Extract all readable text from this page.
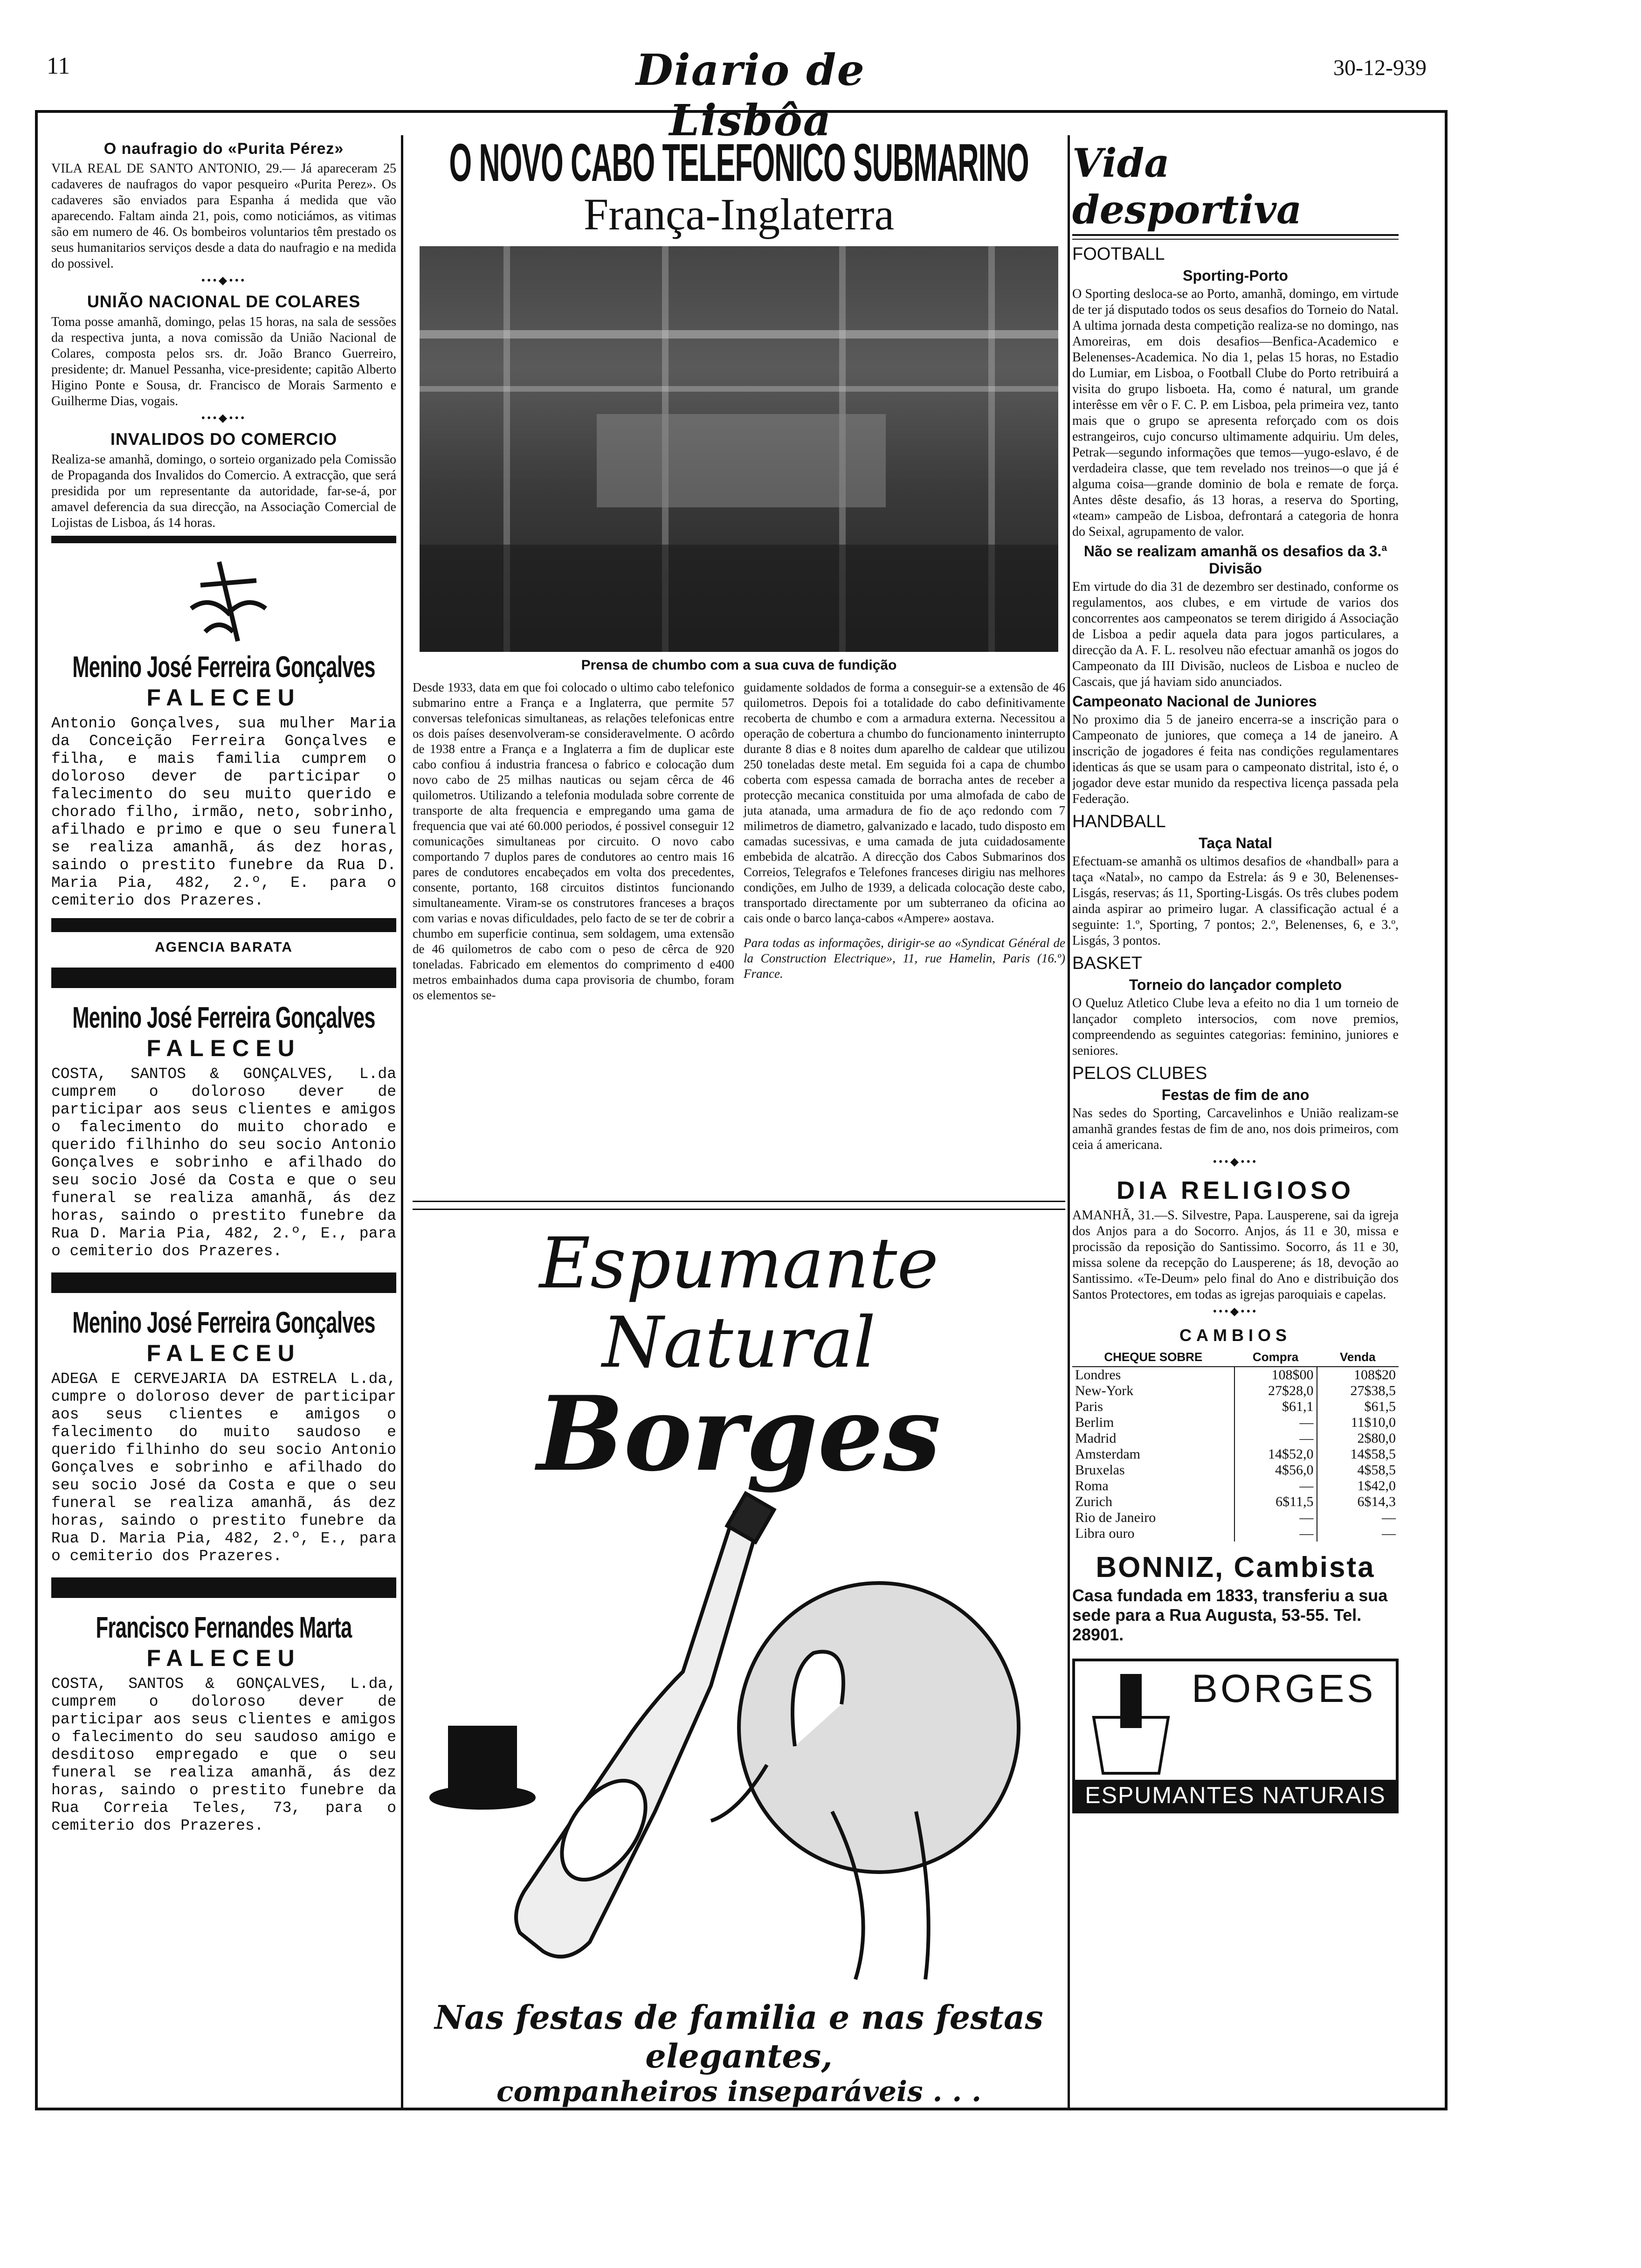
11	Diario de Lisbôa
30-12-939
O naufragio do «Purita Pérez»

VILA REAL DE SANTO ANTONIO, 29.— Já apareceram 25 cadaveres de naufragos do vapor pesqueiro «Purita Perez». Os cadaveres são enviados para Espanha á medida que vão aparecendo. Faltam ainda 21, pois, como noticiámos, as vitimas são em numero de 46. Os bombeiros voluntarios têm prestado os seus humanitarios serviços desde a data do naufragio e na medida do possivel.

•••◆•••
UNIÃO NACIONAL DE COLARES

Toma posse amanhã, domingo, pelas 15 horas, na sala de sessões da respectiva junta, a nova comissão da União Nacional de Colares, composta pelos srs. dr. João Branco Guerreiro, presidente; dr. Manuel Pessanha, vice-presidente; capitão Alberto Higino Ponte e Sousa, dr. Francisco de Morais Sarmento e Guilherme Dias, vogais.

•••◆•••
INVALIDOS DO COMERCIO

Realiza-se amanhã, domingo, o sorteio organizado pela Comissão de Propaganda dos Invalidos do Comercio. A extracção, que será presidida por um representante da autoridade, far-se-á, por amavel deferencia da sua direcção, na Associação Comercial de Lojistas de Lisboa, ás 14 horas.

Menino José Ferreira Gonçalves
FALECEU

Antonio Gonçalves, sua mulher Maria da Conceição Ferreira Gonçalves e filha, e mais familia cumprem o doloroso dever de participar o falecimento do seu muito querido e chorado filho, irmão, neto, sobrinho, afilhado e primo e que o seu funeral se realiza amanhã, ás dez horas, saindo o prestito funebre da Rua D. Maria Pia, 482, 2.º, E. para o cemiterio dos Prazeres.

AGENCIA BARATA
Menino José Ferreira Gonçalves
FALECEU

COSTA, SANTOS & GONÇALVES, L.da cumprem o doloroso dever de participar aos seus clientes e amigos o falecimento do muito chorado e querido filhinho do seu socio Antonio Gonçalves e sobrinho e afilhado do seu socio José da Costa e que o seu funeral se realiza amanhã, ás dez horas, saindo o prestito funebre da Rua D. Maria Pia, 482, 2.º, E., para o cemiterio dos Prazeres.

Menino José Ferreira Gonçalves
FALECEU

ADEGA E CERVEJARIA DA ESTRELA L.da, cumpre o doloroso dever de participar aos seus clientes e amigos o falecimento do muito saudoso e querido filhinho do seu socio Antonio Gonçalves e sobrinho e afilhado do seu socio José da Costa e que o seu funeral se realiza amanhã, ás dez horas, saindo o prestito funebre da Rua D. Maria Pia, 482, 2.º, E., para o cemiterio dos Prazeres.

Francisco Fernandes Marta
FALECEU

COSTA, SANTOS & GONÇALVES, L.da, cumprem o doloroso dever de participar aos seus clientes e amigos o falecimento do seu saudoso amigo e desditoso empregado e que o seu funeral se realiza amanhã, ás dez horas, saindo o prestito funebre da Rua Correia Teles, 73, para o cemiterio dos Prazeres.

O NOVO CABO TELEFONICO SUBMARINO
França-Inglaterra
Prensa de chumbo com a sua cuva de fundição

Desde 1933, data em que foi colocado o ultimo cabo telefonico submarino entre a França e a Inglaterra, que permite 57 conversas telefonicas simultaneas, as relações telefonicas entre os dois países desenvolveram-se consideravelmente. O acôrdo de 1938 entre a França e a Inglaterra a fim de duplicar este cabo confiou á industria francesa o fabrico e colocação dum novo cabo de 25 milhas nauticas ou sejam cêrca de 46 quilometros. Utilizando a telefonia modulada sobre corrente de transporte de alta frequencia e empregando uma gama de frequencia que vai até 60.000 periodos, é possivel conseguir 12 comunicações simultaneas por circuito. O novo cabo comportando 7 duplos pares de condutores ao centro mais 16 pares de condutores encabeçados em volta dos precedentes, consente, portanto, 168 circuitos distintos funcionando simultaneamente. Viram-se os construtores franceses a braços com varias e novas dificuldades, pelo facto de se ter de cobrir a chumbo em superficie continua, sem soldagem, uma extensão de 46 quilometros de cabo com o peso de cêrca de 920 toneladas. Fabricado em elementos do comprimento d e400 metros embainhados duma capa provisoria de chumbo, foram os elementos se-

guidamente soldados de forma a conseguir-se a extensão de 46 quilometros. Depois foi a totalidade do cabo definitivamente recoberta de chumbo e com a armadura externa. Necessitou a operação de cobertura a chumbo do funcionamento ininterrupto durante 8 dias e 8 noites dum aparelho de caldear que utilizou 250 toneladas deste metal. Em seguida foi a capa de chumbo coberta com espessa camada de borracha antes de receber a protecção mecanica constituida por uma almofada de cabo de juta atanada, uma armadura de fio de aço redondo com 7 milimetros de diametro, galvanizado e lacado, tudo disposto em camadas sucessivas, e uma camada de juta cuidadosamente embebida de alcatrão. A direcção dos Cabos Submarinos dos Correios, Telegrafos e Telefones franceses dirigiu nas melhores condições, em Julho de 1939, a delicada colocação deste cabo, transportado directamente por um subterraneo da oficina ao cais onde o barco lança-cabos «Ampere» aostava.

Para todas as informações, dirigir-se ao «Syndicat Général de la Construction Electrique», 11, rue Hamelin, Paris (16.º) France.

Espumante Natural

Borges

Nas festas de familia e nas festas elegantes,

companheiros inseparáveis . . .

Vida desportiva

FOOTBALL
Sporting-Porto

O Sporting desloca-se ao Porto, amanhã, domingo, em virtude de ter já disputado todos os seus desafios do Torneio do Natal. A ultima jornada desta competição realiza-se no domingo, nas Amoreiras, em dois desafios—Benfica-Academico e Belenenses-Academica. No dia 1, pelas 15 horas, no Estadio do Lumiar, em Lisboa, o Football Clube do Porto retribuirá a visita do grupo lisboeta. Ha, como é natural, um grande interêsse em vêr o F. C. P. em Lisboa, pela primeira vez, tanto mais que o grupo se apresenta reforçado com os dois estrangeiros, cujo concurso ultimamente adquiriu. Um deles, Petrak—segundo informações que temos—yugo-eslavo, é de verdadeira classe, que tem revelado nos treinos—o que já é alguma coisa—grande dominio de bola e remate de força. Antes dêste desafio, ás 13 horas, a reserva do Sporting, «team» campeão de Lisboa, defrontará a categoria de honra do Seixal, agrupamento de valor.

Não se realizam amanhã os desafios da 3.ª Divisão

Em virtude do dia 31 de dezembro ser destinado, conforme os regulamentos, aos clubes, e em virtude de varios dos concorrentes aos campeonatos se terem dirigido á Associação de Lisboa a pedir aquela data para jogos particulares, a direcção da A. F. L. resolveu não efectuar amanhã os jogos do Campeonato da III Divisão, nucleos de Lisboa e nucleo de Cascais, que já haviam sido anunciados.

Campeonato Nacional de Juniores

No proximo dia 5 de janeiro encerra-se a inscrição para o Campeonato de juniores, que começa a 14 de janeiro. A inscrição de jogadores é feita nas condições regulamentares identicas ás que se usam para o campeonato distrital, isto é, o jogador deve estar munido da respectiva licença passada pela Federação.

HANDBALL
Taça Natal

Efectuam-se amanhã os ultimos desafios de «handball» para a taça «Natal», no campo da Estrela: ás 9 e 30, Belenenses-Lisgás, reservas; ás 11, Sporting-Lisgás. Os três clubes podem ainda aspirar ao primeiro lugar. A classificação actual é a seguinte: 1.º, Sporting, 7 pontos; 2.º, Belenenses, 6, e 3.º, Lisgás, 3 pontos.

BASKET
Torneio do lançador completo

O Queluz Atletico Clube leva a efeito no dia 1 um torneio de lançador completo intersocios, com nove premios, compreendendo as seguintes categorias: feminino, juniores e seniores.

PELOS CLUBES
Festas de fim de ano

Nas sedes do Sporting, Carcavelinhos e União realizam-se amanhã grandes festas de fim de ano, nos dois primeiros, com ceia á americana.

•••◆•••
DIA RELIGIOSO

AMANHÃ, 31.—S. Silvestre, Papa. Lausperene, sai da igreja dos Anjos para a do Socorro. Anjos, ás 11 e 30, missa e procissão da reposição do Santissimo. Socorro, ás 11 e 30, missa solene da recepção do Lausperene; ás 18, devoção ao Santissimo. «Te-Deum» pelo final do Ano e distribuição dos Santos Protectores, em todas as igrejas paroquiais e capelas.

•••◆•••
CAMBIOS
CHEQUE SOBRE	Compra	Venda
Londres	108$00	108$20
New-York	27$28,0	27$38,5
Paris	$61,1	$61,5
Berlim	—	11$10,0
Madrid	—	2$80,0
Amsterdam	14$52,0	14$58,5
Bruxelas	4$56,0	4$58,5
Roma	—	1$42,0
Zurich	6$11,5	6$14,3
Rio de Janeiro	—	—
Libra ouro	—	—
BONNIZ, Cambista

Casa fundada em 1833, transferiu a sua sede para a Rua Augusta, 53-55. Tel. 28901.

BORGES
ESPUMANTES NATURAIS
